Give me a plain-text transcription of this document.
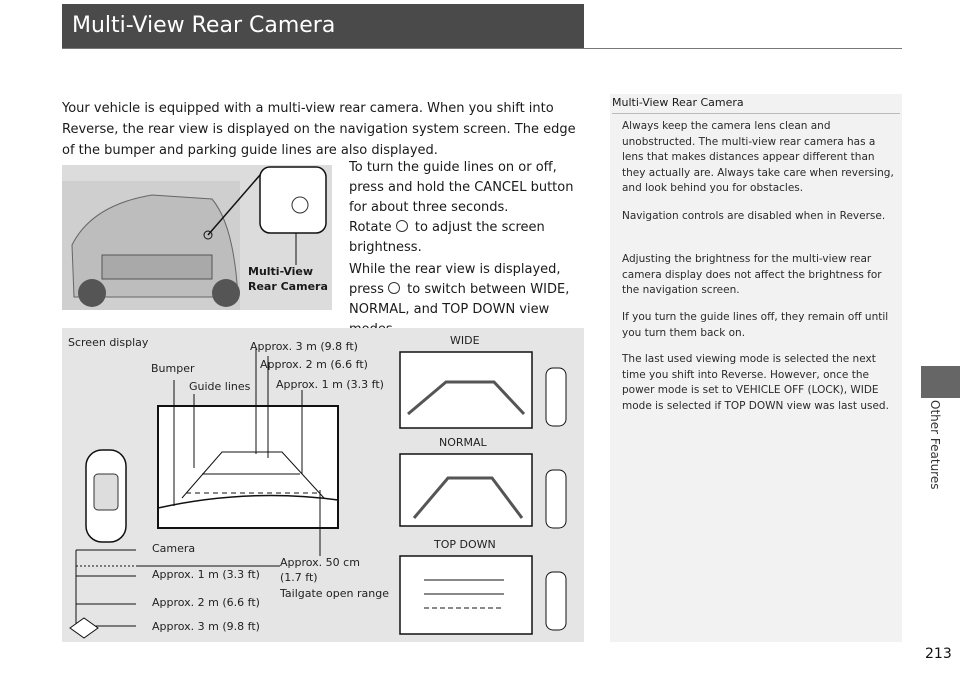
Multi-View Rear Camera
Other Features
213
Your vehicle is equipped with a multi-view rear camera. When you shift into Reverse, the rear view is displayed on the navigation system screen. The edge of the bumper and parking guide lines are also displayed.
To turn the guide lines on or off, press and hold the CANCEL button for about three seconds.
Rotate to adjust the screen brightness.
While the rear view is displayed, press to switch between WIDE, NORMAL, and TOP DOWN view
Multi-View
Rear Camera
Multi-View Rear Camera
Always keep the camera lens clean and unobstructed. The multi-view rear camera has a lens that makes distances appear different than they actually are. Always take care when reversing, and look behind you for obstacles.
Navigation controls are disabled when in Reverse.
Adjusting the brightness for the multi-view rear camera display does not affect the brightness for the navigation screen.
If you turn the guide lines off, they remain off until you turn them back on.
The last used viewing mode is selected the next time you shift into Reverse. However, once the power mode is set to VEHICLE OFF (LOCK), WIDE mode is selected if TOP DOWN view was last used.
Screen display
Bumper
Guide lines
Approx. 3 m (9.8 ft)
Approx. 2 m (6.6 ft)
Approx. 1 m (3.3 ft)
Camera
Approx. 1 m (3.3 ft)
Approx. 2 m (6.6 ft)
Approx. 3 m (9.8 ft)
Approx. 50 cm
(1.7 ft)
Tailgate open range
WIDE
NORMAL
TOP DOWN
